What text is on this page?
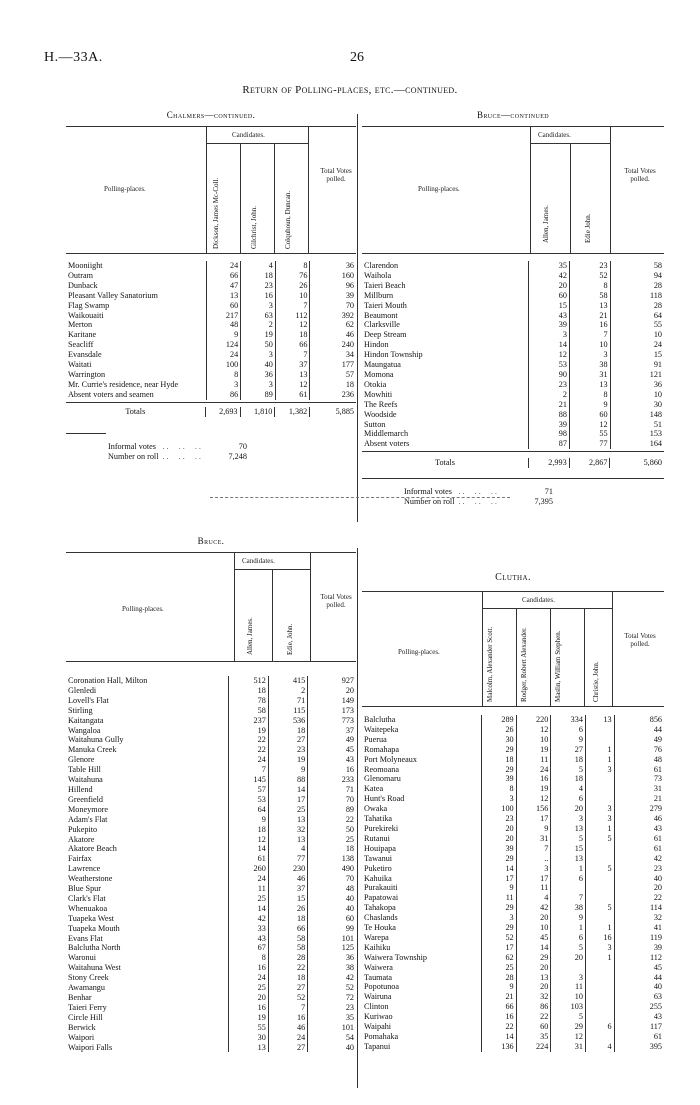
H.—33A.	26
Return of Polling-places, etc.—continued.
Chalmers—continued.
Polling-places.
Candidates.
Dickson, James Mc-Coll.	Gilchrist, John.	Colquhoun, Duncan.
Total Votes polled.
Mooniight	24	4	8	36
Outram	66	18	76	160
Dunback	47	23	26	96
Pleasant Valley Sanatorium	13	16	10	39
Flag Swamp	60	3	7	70
Waikouaiti	217	63	112	392
Merton	48	2	12	62
Karitane	9	19	18	46
Seacliff	124	50	66	240
Evansdale	24	3	7	34
Waitati	100	40	37	177
Warrington	8	36	13	57
Mr. Currie's residence, near Hyde	3	3	12	18
Absent voters and seamen	86	89	61	236
Totals	2,693	1,810	1,382	5,885
Informal votes	..  ..  ..	70
Number on roll	..  ..  ..	7,248
Bruce—continued
Polling-places.
Candidates.
Allen, James.	Edie John.
Total Votes polled.
Clarendon	35	23	58
Waihola	42	52	94
Taieri Beach	20	8	28
Millburn	60	58	118
Taieri Mouth	15	13	28
Beaumont	43	21	64
Clarksville	39	16	55
Deep Stream	3	7	10
Hindon	14	10	24
Hindon Township	12	3	15
Maungatua	53	38	91
Momona	90	31	121
Otokia	23	13	36
Mowhiti	2	8	10
The Reefs	21	9	30
Woodside	88	60	148
Sutton	39	12	51
Middlemarch	98	55	153
Absent voters	87	77	164
Totals	2,993	2,867	5,860
Informal votes	..  ..  ..	71
Number on roll	..  ..  ..	7,395
Bruce.
Polling-places.
Candidates.
Allen, James.	Edie, John.
Total Votes polled.
Coronation Hall, Milton	512	415	927
Glenledi	18	2	20
Lovell's Flat	78	71	149
Stirling	58	115	173
Kaitangata	237	536	773
Wangaloa	19	18	37
Waitahuna Gully	22	27	49
Manuka Creek	22	23	45
Glenore	24	19	43
Table Hill	7	9	16
Waitahuna	145	88	233
Hillend	57	14	71
Greenfield	53	17	70
Moneymore	64	25	89
Adam's Flat	9	13	22
Pukepito	18	32	50
Akatore	12	13	25
Akatore Beach	14	4	18
Fairfax	61	77	138
Lawrence	260	230	490
Weatherstone	24	46	70
Blue Spur	11	37	48
Clark's Flat	25	15	40
Whenuakoa	14	26	40
Tuapeka West	42	18	60
Tuapeka Mouth	33	66	99
Evans Flat	43	58	101
Balclutha North	67	58	125
Waronui	8	28	36
Waitahuna West	16	22	38
Stony Creek	24	18	42
Awamangu	25	27	52
Benhar	20	52	72
Taieri Ferry	16	7	23
Circle Hill	19	16	35
Berwick	55	46	101
Waipori	30	24	54
Waipori Falls	13	27	40
Clutha.
Polling-places.
Candidates.
Malcolm, Alexander Scott.	Rodger, Robert Alexander.	Maslin, William Stephen.	Christie, John.
Total Votes polled.
Balclutha	289	220	334	13	856
Waitepeka	26	12	6		44
Puerua	30	10	9		49
Romahapa	29	19	27	1	76
Port Molyneaux	18	11	18	1	48
Reomoana	29	24	5	3	61
Glenomaru	39	16	18		73
Katea	8	19	4		31
Hunt's Road	3	12	6		21
Owaka	100	156	20	3	279
Tahatika	23	17	3	3	46
Purekireki	20	9	13	1	43
Rutanui	20	31	5	5	61
Houipapa	39	7	15		61
Tawanui	29	..	13		42
Puketiro	14	3	1	5	23
Kahuika	17	17	6		40
Purakauiti	9	11			20
Papatowai	11	4	7		22
Tahakopa	29	42	38	5	114
Chaslands	3	20	9		32
Te Houka	29	10	1	1	41
Warepa	52	45	6	16	119
Kaihiku	17	14	5	3	39
Waiwera Township	62	29	20	1	112
Waiwera	25	20			45
Taumata	28	13	3		44
Popotunoa	9	20	11		40
Wairuna	21	32	10		63
Clinton	66	86	103		255
Kuriwao	16	22	5		43
Waipahi	22	60	29	6	117
Pomahaka	14	35	12		61
Tapanui	136	224	31	4	395
